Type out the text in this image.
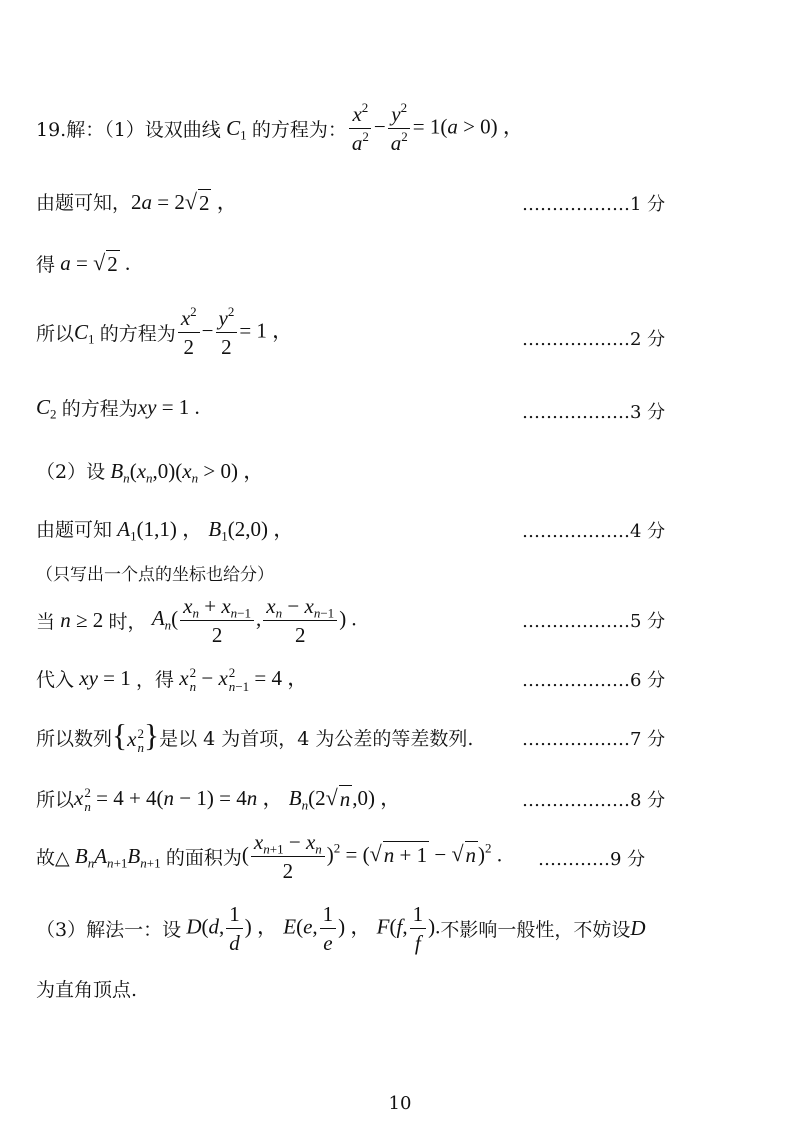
19.解：（1）设双曲线 $C_1$ 的方程为： $\frac{x^2}{a^2} - \frac{y^2}{a^2} = 1(a > 0)$ ，
由题可知， 2a = 2 √ 2 ，	………………1 分
得 a = √ 2 .
所以 $C_1$ 的方程为 $\frac{x^2}{2} - \frac{y^2}{2} = 1$ ，	………………2 分
$C_2$ 的方程为 xy = 1 .	………………3 分
（2）设 $B_n(x_n,0)(x_n > 0)$ ，
由题可知 $A_1(1,1)$ ， $B_1(2,0)$ ，	………………4 分
（只写出一个点的坐标也给分）
当 n ≥ 2 时， $A_n( \frac{x_n + x_{n-1}}{2}$ , $\frac{x_n - x_{n-1}}{2}$ ) .	………………5 分
代入 xy = 1 ，得 x 2
n − x 2
n−1 = 4 ，	………………6 分
所以数列 {x 2
n } 是以 4 为首项，4 为公差的等差数列.	………………7 分
所以 x 2
n = 4 + 4(n − 1) = 4n ， $B_n(2$ √ n ,0) ，	………………8 分
故△ $B_nA_{n+1}B_{n+1}$ 的面积为 ( $\frac{x_{n+1} - x_n}{2} )^2$ = ( √ n + 1 − √ n )$^2$ . …………9 分
（3）解法一：设 D(d, $\frac{1}{d}$ ) ， E(e, $\frac{1}{e}$ ) ， F(f, $\frac{1}{f}$ ). 不影响一般性，不妨设 D
为直角顶点.
10
